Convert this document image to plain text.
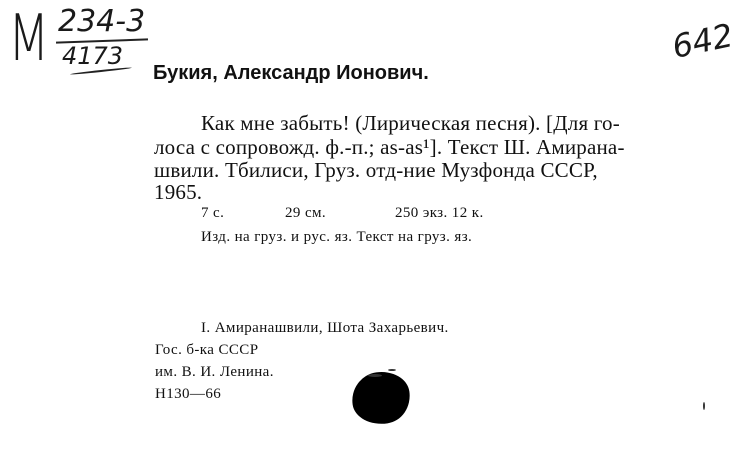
М 234-3
4173	642
Букия, Александр Ионович.
Как мне забыть! (Лирическая песня). [Для го-
лоса с сопровожд. ф.-п.; as-as¹]. Текст Ш. Амирана-
швили. Тбилиси, Груз. отд-ние Музфонда СССР,
1965.
7 с.	29 см.	250 экз. 12 к.
Изд. на груз. и рус. яз. Текст на груз. яз.
I. Амиранашвили, Шота Захарьевич.
Гос. б-ка СССР
им. В. И. Ленина.
Н130—66
